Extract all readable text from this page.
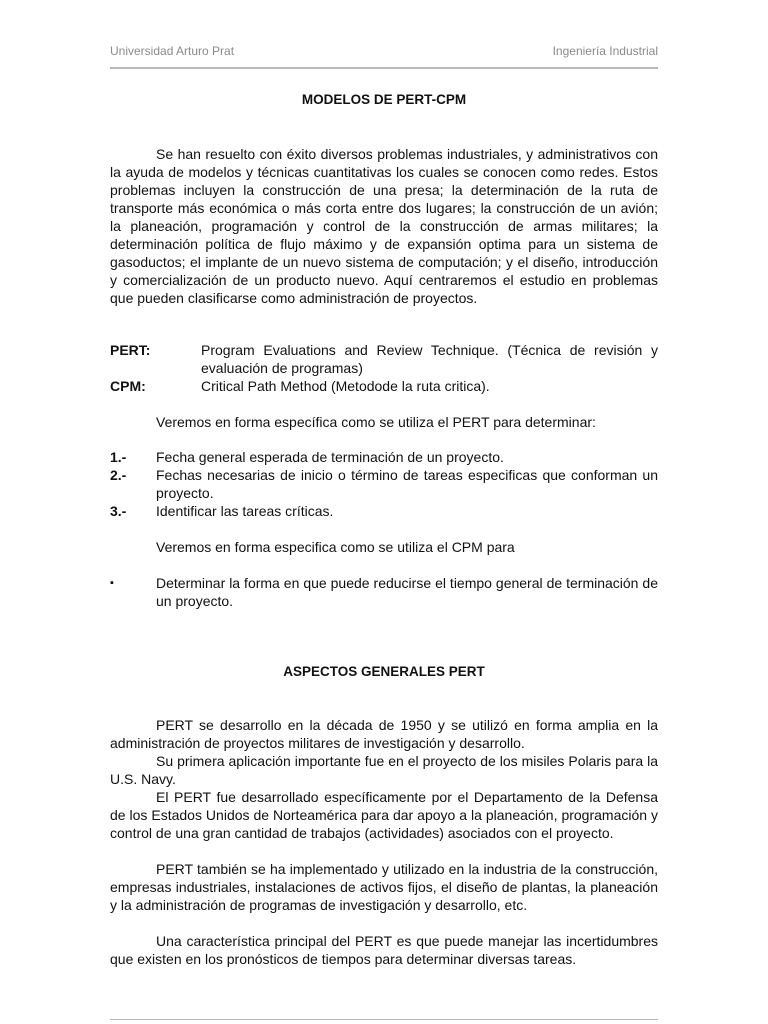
Universidad Arturo Prat	Ingeniería Industrial
MODELOS DE PERT-CPM

Se han resuelto con éxito diversos problemas industriales, y administrativos con la ayuda de modelos y técnicas cuantitativas los cuales se conocen como redes. Estos problemas incluyen la construcción de una presa; la determinación de la ruta de transporte más económica o más corta entre dos lugares; la construcción de un avión; la planeación, programación y control de la construcción de armas militares; la determinación política de flujo máximo y de expansión optima para un sistema de gasoductos; el implante de un nuevo sistema de computación; y el diseño, introducción y comercialización de un producto nuevo. Aquí centraremos el estudio en problemas que pueden clasificarse como administración de proyectos.

PERT:	Program Evaluations and Review Technique. (Técnica de revisión y evaluación de programas)
CPM:	Critical Path Method (Metodode la ruta critica).

Veremos en forma específica como se utiliza el PERT para determinar:

1.- Fecha general esperada de terminación de un proyecto.
2.- Fechas necesarias de inicio o término de tareas especificas que conforman un proyecto.
3.- Identificar las tareas críticas.

Veremos en forma especifica como se utiliza el CPM para

▪	Determinar la forma en que puede reducirse el tiempo general de terminación de un proyecto.
ASPECTOS GENERALES PERT

PERT se desarrollo en la década de 1950 y se utilizó en forma amplia en la administración de proyectos militares de investigación y desarrollo.

Su primera aplicación importante fue en el proyecto de los misiles Polaris para la U.S. Navy.

El PERT fue desarrollado específicamente por el Departamento de la Defensa de los Estados Unidos de Norteamérica para dar apoyo a la planeación, programación y control de una gran cantidad de trabajos (actividades) asociados con el proyecto.

PERT también se ha implementado y utilizado en la industria de la construcción, empresas industriales, instalaciones de activos fijos, el diseño de plantas, la planeación y la administración de programas de investigación y desarrollo, etc.

Una característica principal del PERT es que puede manejar las incertidumbres que existen en los pronósticos de tiempos para determinar diversas tareas.
